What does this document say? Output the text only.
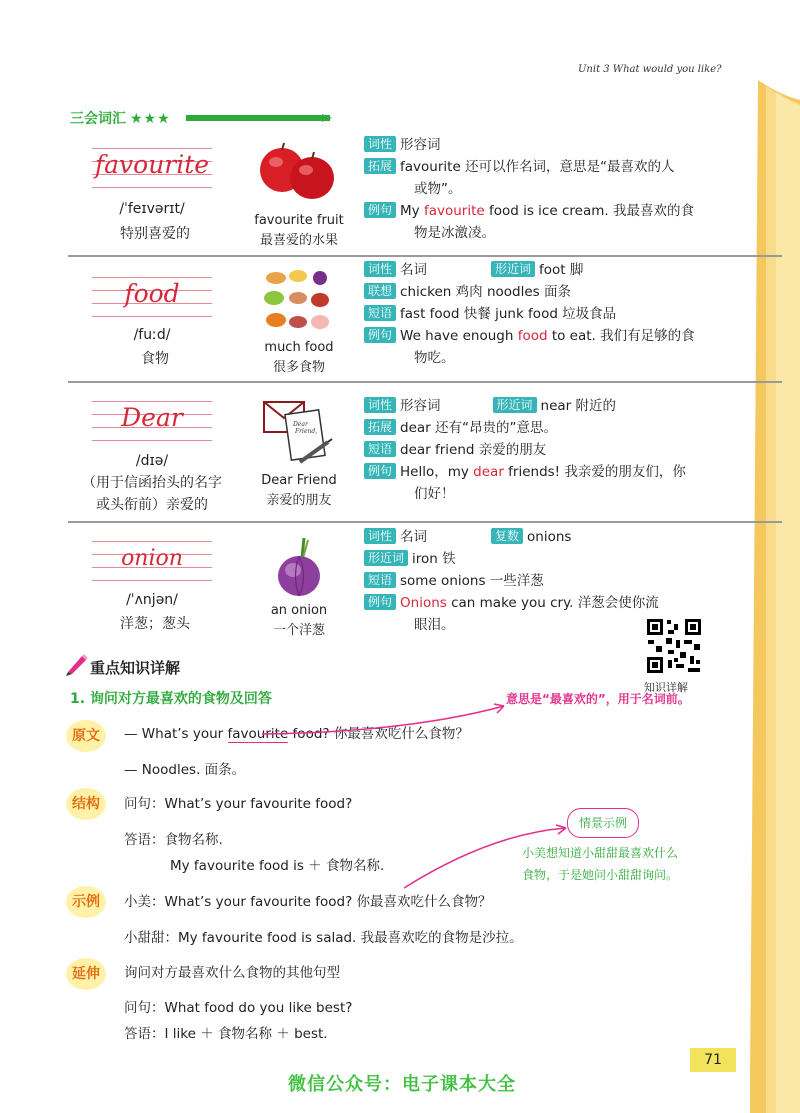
Unit 3 What would you like?
三会词汇 ★★★
favourite
/ˈfeɪvərɪt/
特别喜爱的
favourite fruit
最喜爱的水果
词性 形容词
拓展 favourite 还可以作名词，意思是“最喜欢的人
或物”。
例句 My favourite food is ice cream. 我最喜欢的食
物是冰激凌。
food
/fuːd/
食物
much food
很多食物
词性 名词	形近词 foot 脚
联想 chicken 鸡肉 noodles 面条
短语 fast food 快餐 junk food 垃圾食品
例句 We have enough food to eat. 我们有足够的食
物吃。
Dear
/dɪə/
（用于信函抬头的名字
或头衔前）亲爱的
Dear
Friend,
Dear Friend
亲爱的朋友
词性 形容词	形近词 near 附近的
拓展 dear 还有“昂贵的”意思。
短语 dear friend 亲爱的朋友
例句 Hello，my dear friends! 我亲爱的朋友们，你
们好！
onion
/ˈʌnjən/
洋葱；葱头
an onion
一个洋葱
词性 名词	复数 onions
形近词 iron 铁
短语 some onions 一些洋葱
例句 Onions can make you cry. 洋葱会使你流
眼泪。
知识详解
重点知识详解
1. 询问对方最喜欢的食物及回答	意思是“最喜欢的”，用于名词前。
原文	— What’s your favourite food? 你最喜欢吃什么食物？
— Noodles. 面条。
结构	问句：What’s your favourite food?
答语：食物名称.
My favourite food is ＋ 食物名称.
情景示例
小美想知道小甜甜最喜欢什么
食物，于是她问小甜甜询问。
示例	小美：What’s your favourite food? 你最喜欢吃什么食物？
小甜甜：My favourite food is salad. 我最喜欢吃的食物是沙拉。
延伸	询问对方最喜欢什么食物的其他句型
问句：What food do you like best?
答语：I like ＋ 食物名称 ＋ best.
71
微信公众号：电子课本大全
